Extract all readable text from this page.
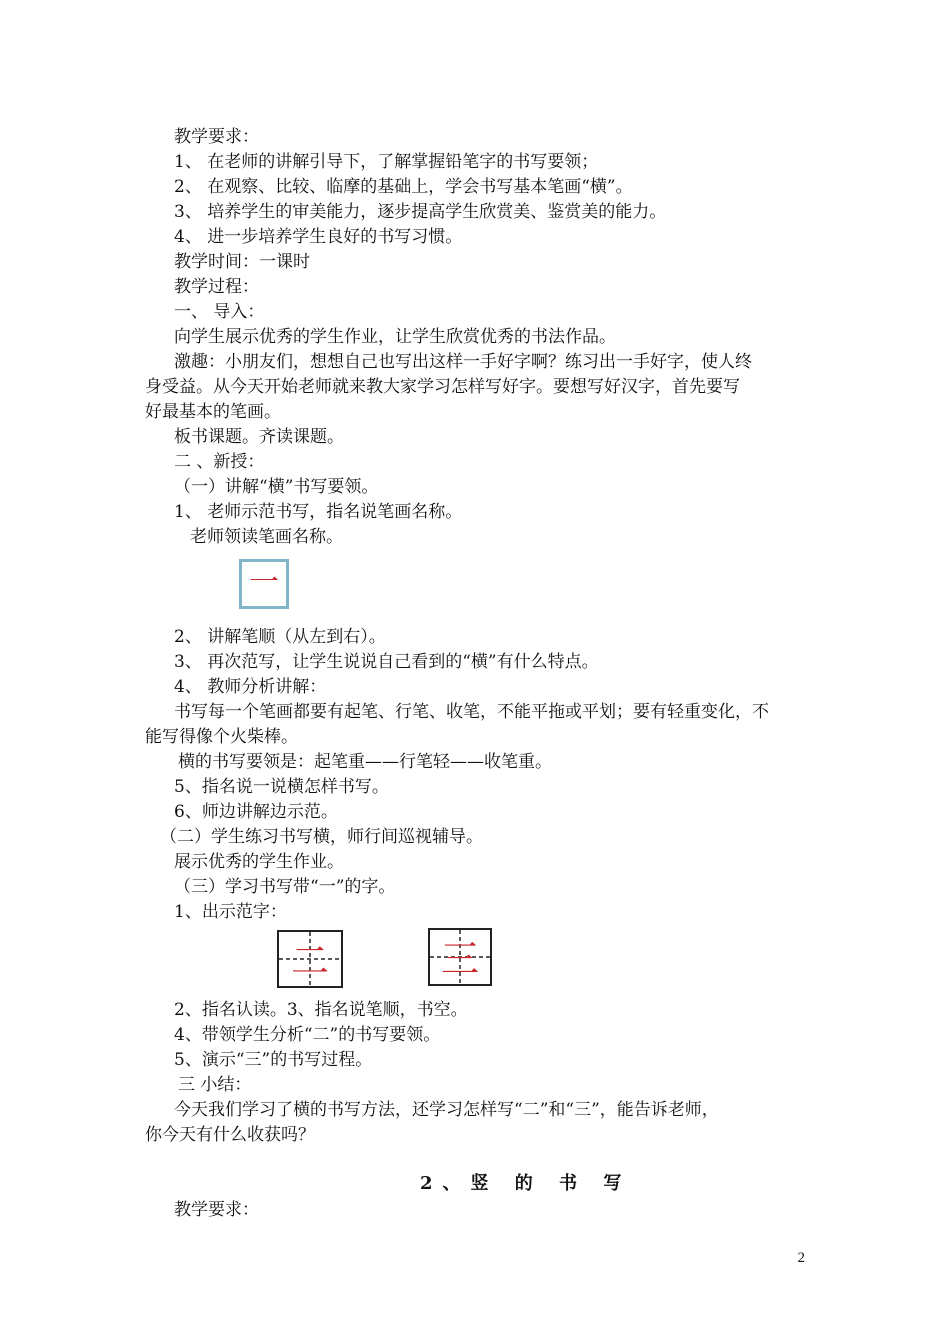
教学要求：
1、 在老师的讲解引导下，了解掌握铅笔字的书写要领；
2、 在观察、比较、临摩的基础上，学会书写基本笔画“横”。
3、 培养学生的审美能力，逐步提高学生欣赏美、鉴赏美的能力。
4、 进一步培养学生良好的书写习惯。
教学时间：一课时
教学过程：
一、 导入：
向学生展示优秀的学生作业，让学生欣赏优秀的书法作品。
激趣：小朋友们，想想自己也写出这样一手好字啊？练习出一手好字，使人终
身受益。从今天开始老师就来教大家学习怎样写好字。要想写好汉字，首先要写
好最基本的笔画。
板书课题。齐读课题。
二 、新授：
（一）讲解“横”书写要领。
1、 老师示范书写，指名说笔画名称。
老师领读笔画名称。
一
2、 讲解笔顺（从左到右）。
3、 再次范写，让学生说说自己看到的“横”有什么特点。
4、 教师分析讲解：
书写每一个笔画都要有起笔、行笔、收笔，不能平拖或平划；要有轻重变化，不
能写得像个火柴棒。
横的书写要领是：起笔重——行笔轻——收笔重。
5、指名说一说横怎样书写。
6、师边讲解边示范。
（二）学生练习书写横，师行间巡视辅导。
展示优秀的学生作业。
（三）学习书写带“一”的字。
1、出示范字：
二	三
2、指名认读。3、指名说笔顺，书空。
4、带领学生分析“二”的书写要领。
5、演示“三”的书写过程。
三 小结：
今天我们学习了横的书写方法，还学习怎样写“二”和“三”，能告诉老师，
你今天有什么收获吗？
2、竖 的 书 写
教学要求：
2
